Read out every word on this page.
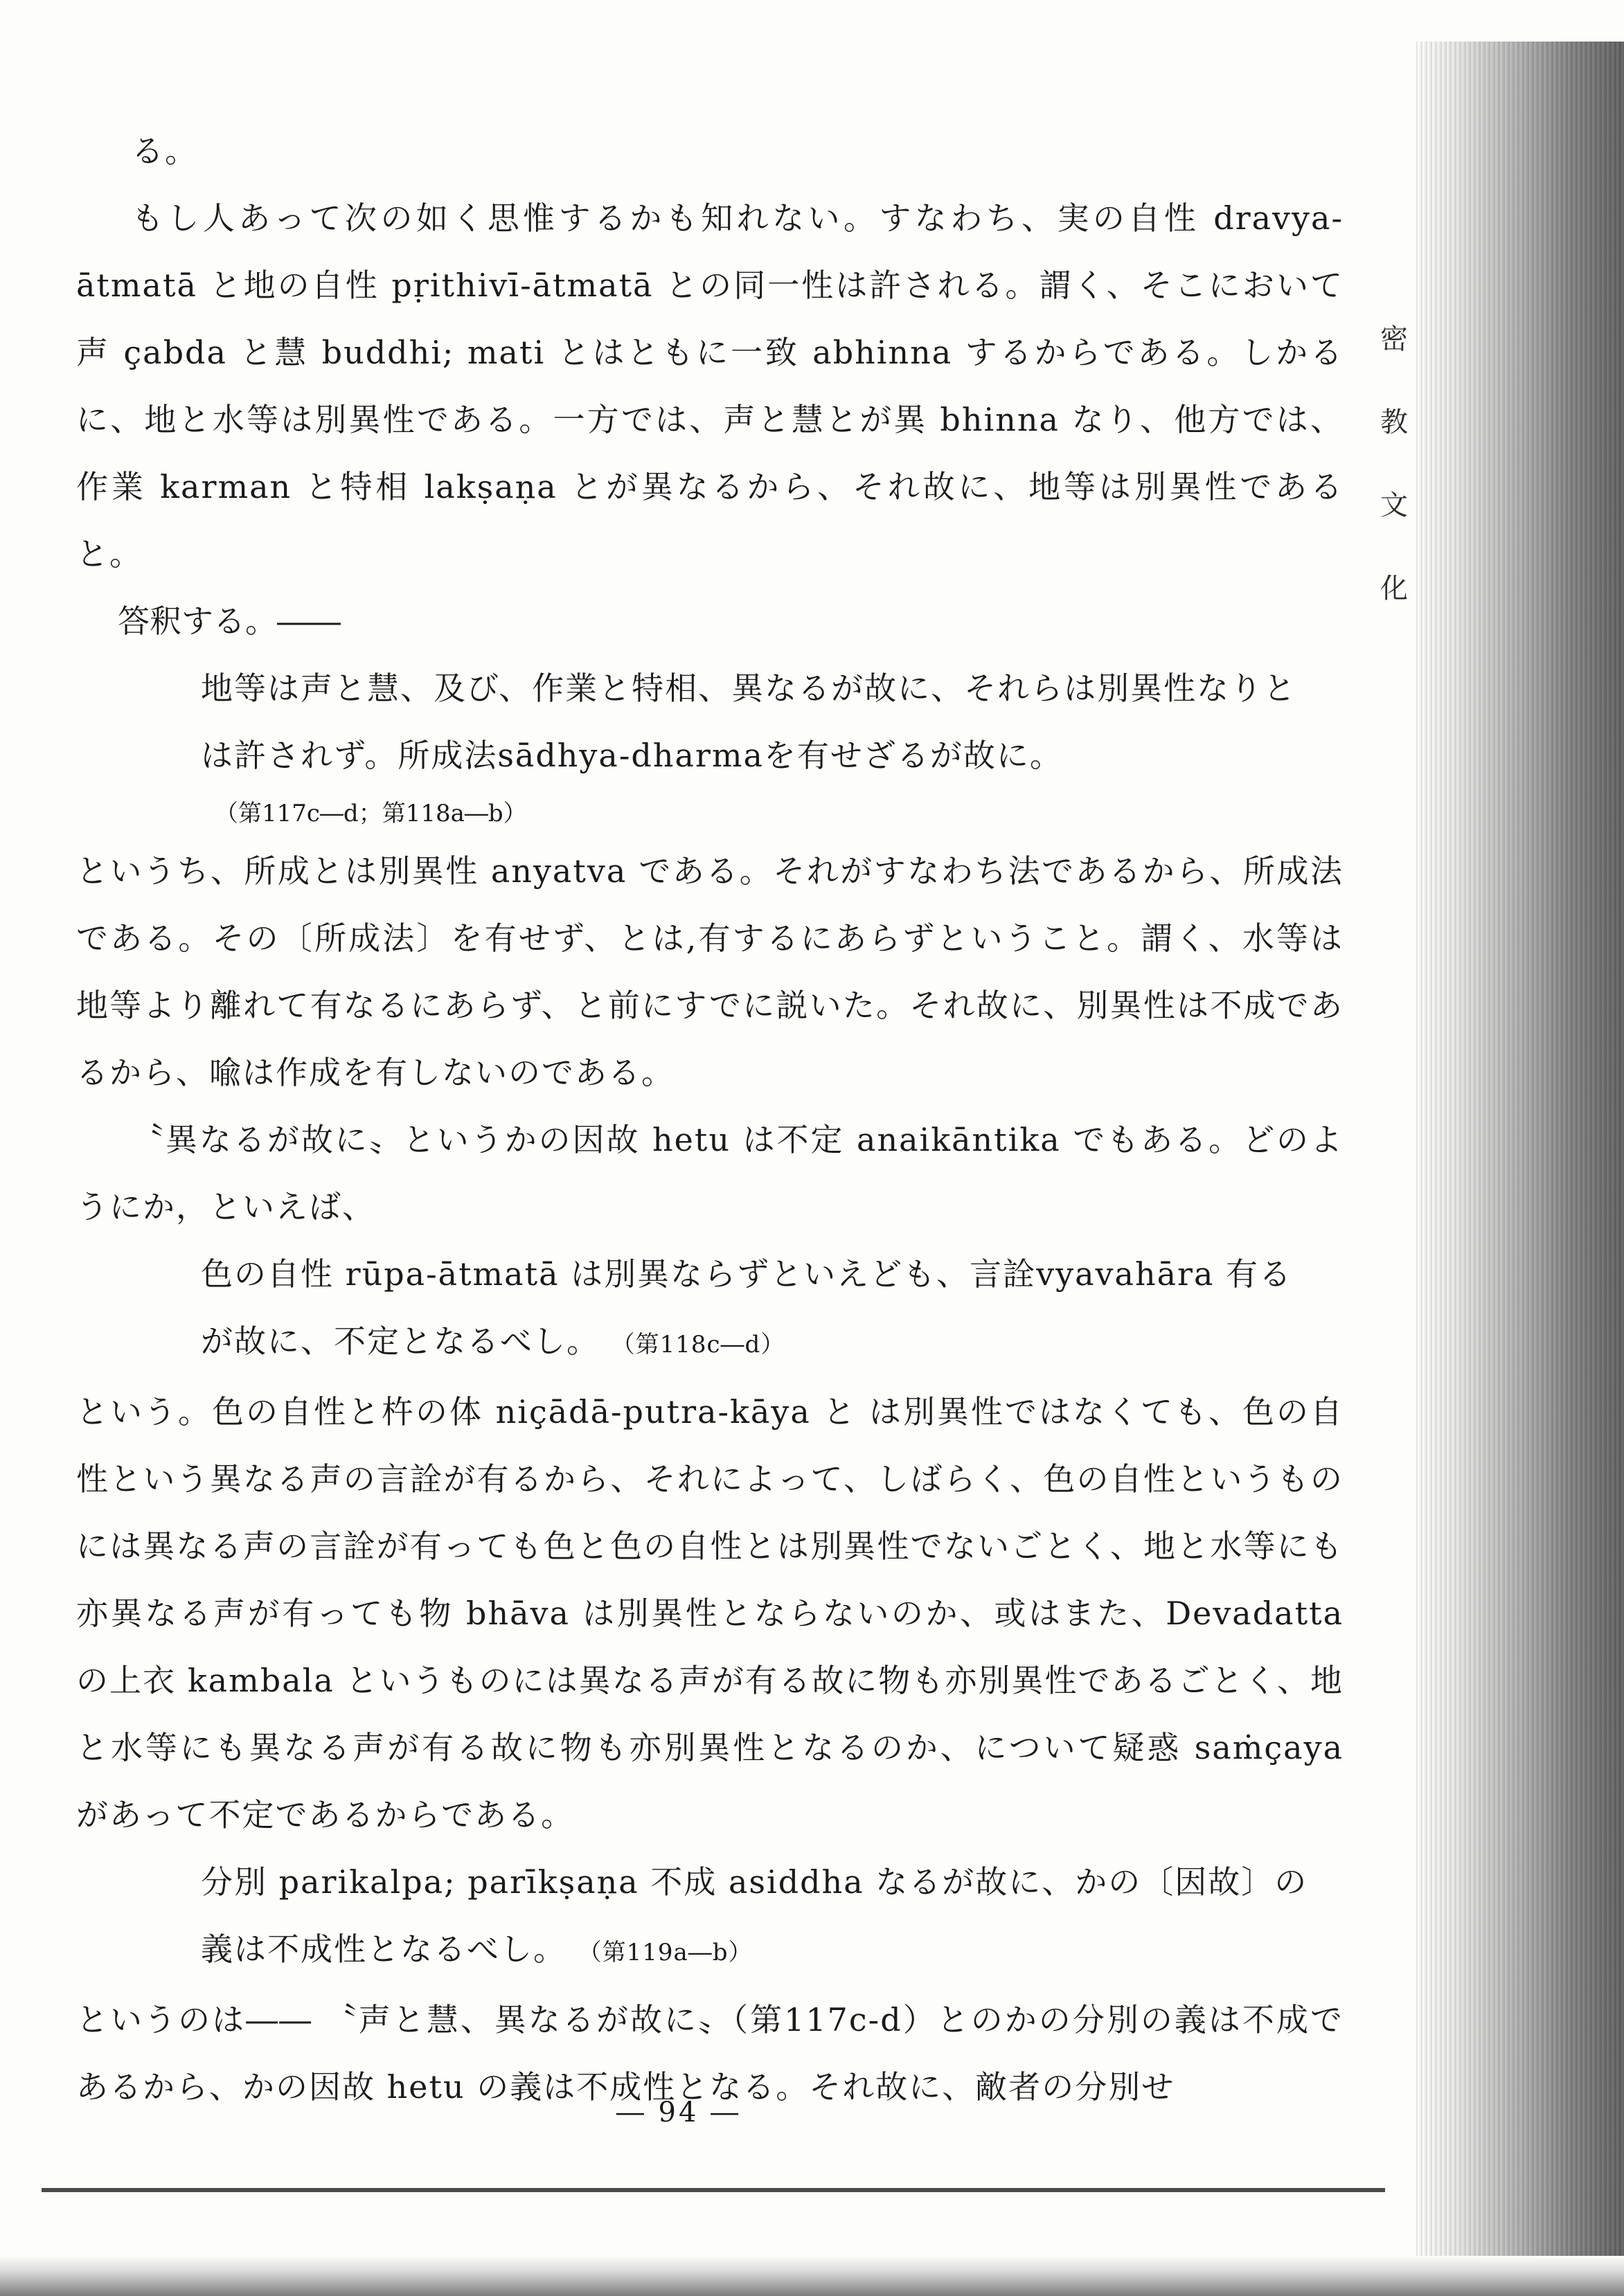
密
教
文
化

る。

もし人あって次の如く思惟するかも知れない。すなわち、実の自性 dravya-ātmatā と地の自性 pṛithivī-ātmatā との同一性は許される。謂く、そこにおいて声 çabda と慧 buddhi; mati とはともに一致 abhinna するからである。しかるに、地と水等は別異性である。一方では、声と慧とが異 bhinna なり、他方では、作業 karman と特相 lakṣaṇa とが異なるから、それ故に、地等は別異性であると。

答釈する。――

地等は声と慧、及び、作業と特相、異なるが故に、それらは別異性なりとは許されず。所成法sādhya-dharmaを有せざるが故に。

（第117c―d；第118a―b）

というち、所成とは別異性 anyatva である。それがすなわち法であるから、所成法である。その〔所成法〕を有せず、とは,有するにあらずということ。謂く、水等は地等より離れて有なるにあらず、と前にすでに説いた。それ故に、別異性は不成であるから、喩は作成を有しないのである。

〝異なるが故に〟というかの因故 hetu は不定 anaikāntika でもある。どのようにか，といえば、

色の自性 rūpa-ātmatā は別異ならずといえども、言詮vyavahāra 有るが故に、不定となるべし。 （第118c―d）

という。色の自性と杵の体 niçādā-putra-kāya と は別異性ではなくても、色の自性という異なる声の言詮が有るから、それによって、しばらく、色の自性というものには異なる声の言詮が有っても色と色の自性とは別異性でないごとく、地と水等にも亦異なる声が有っても物 bhāva は別異性とならないのか、或はまた、Devadatta の上衣 kambala というものには異なる声が有る故に物も亦別異性であるごとく、地と水等にも異なる声が有る故に物も亦別異性となるのか、について疑惑 saṁçaya があって不定であるからである。

分別 parikalpa; parīkṣaṇa 不成 asiddha なるが故に、かの〔因故〕の義は不成性となるべし。 （第119a―b）

というのは―― 〝声と慧、異なるが故に〟（第117c-d）とのかの分別の義は不成であるから、かの因故 hetu の義は不成性となる。それ故に、敵者の分別せ

― 94 ―
